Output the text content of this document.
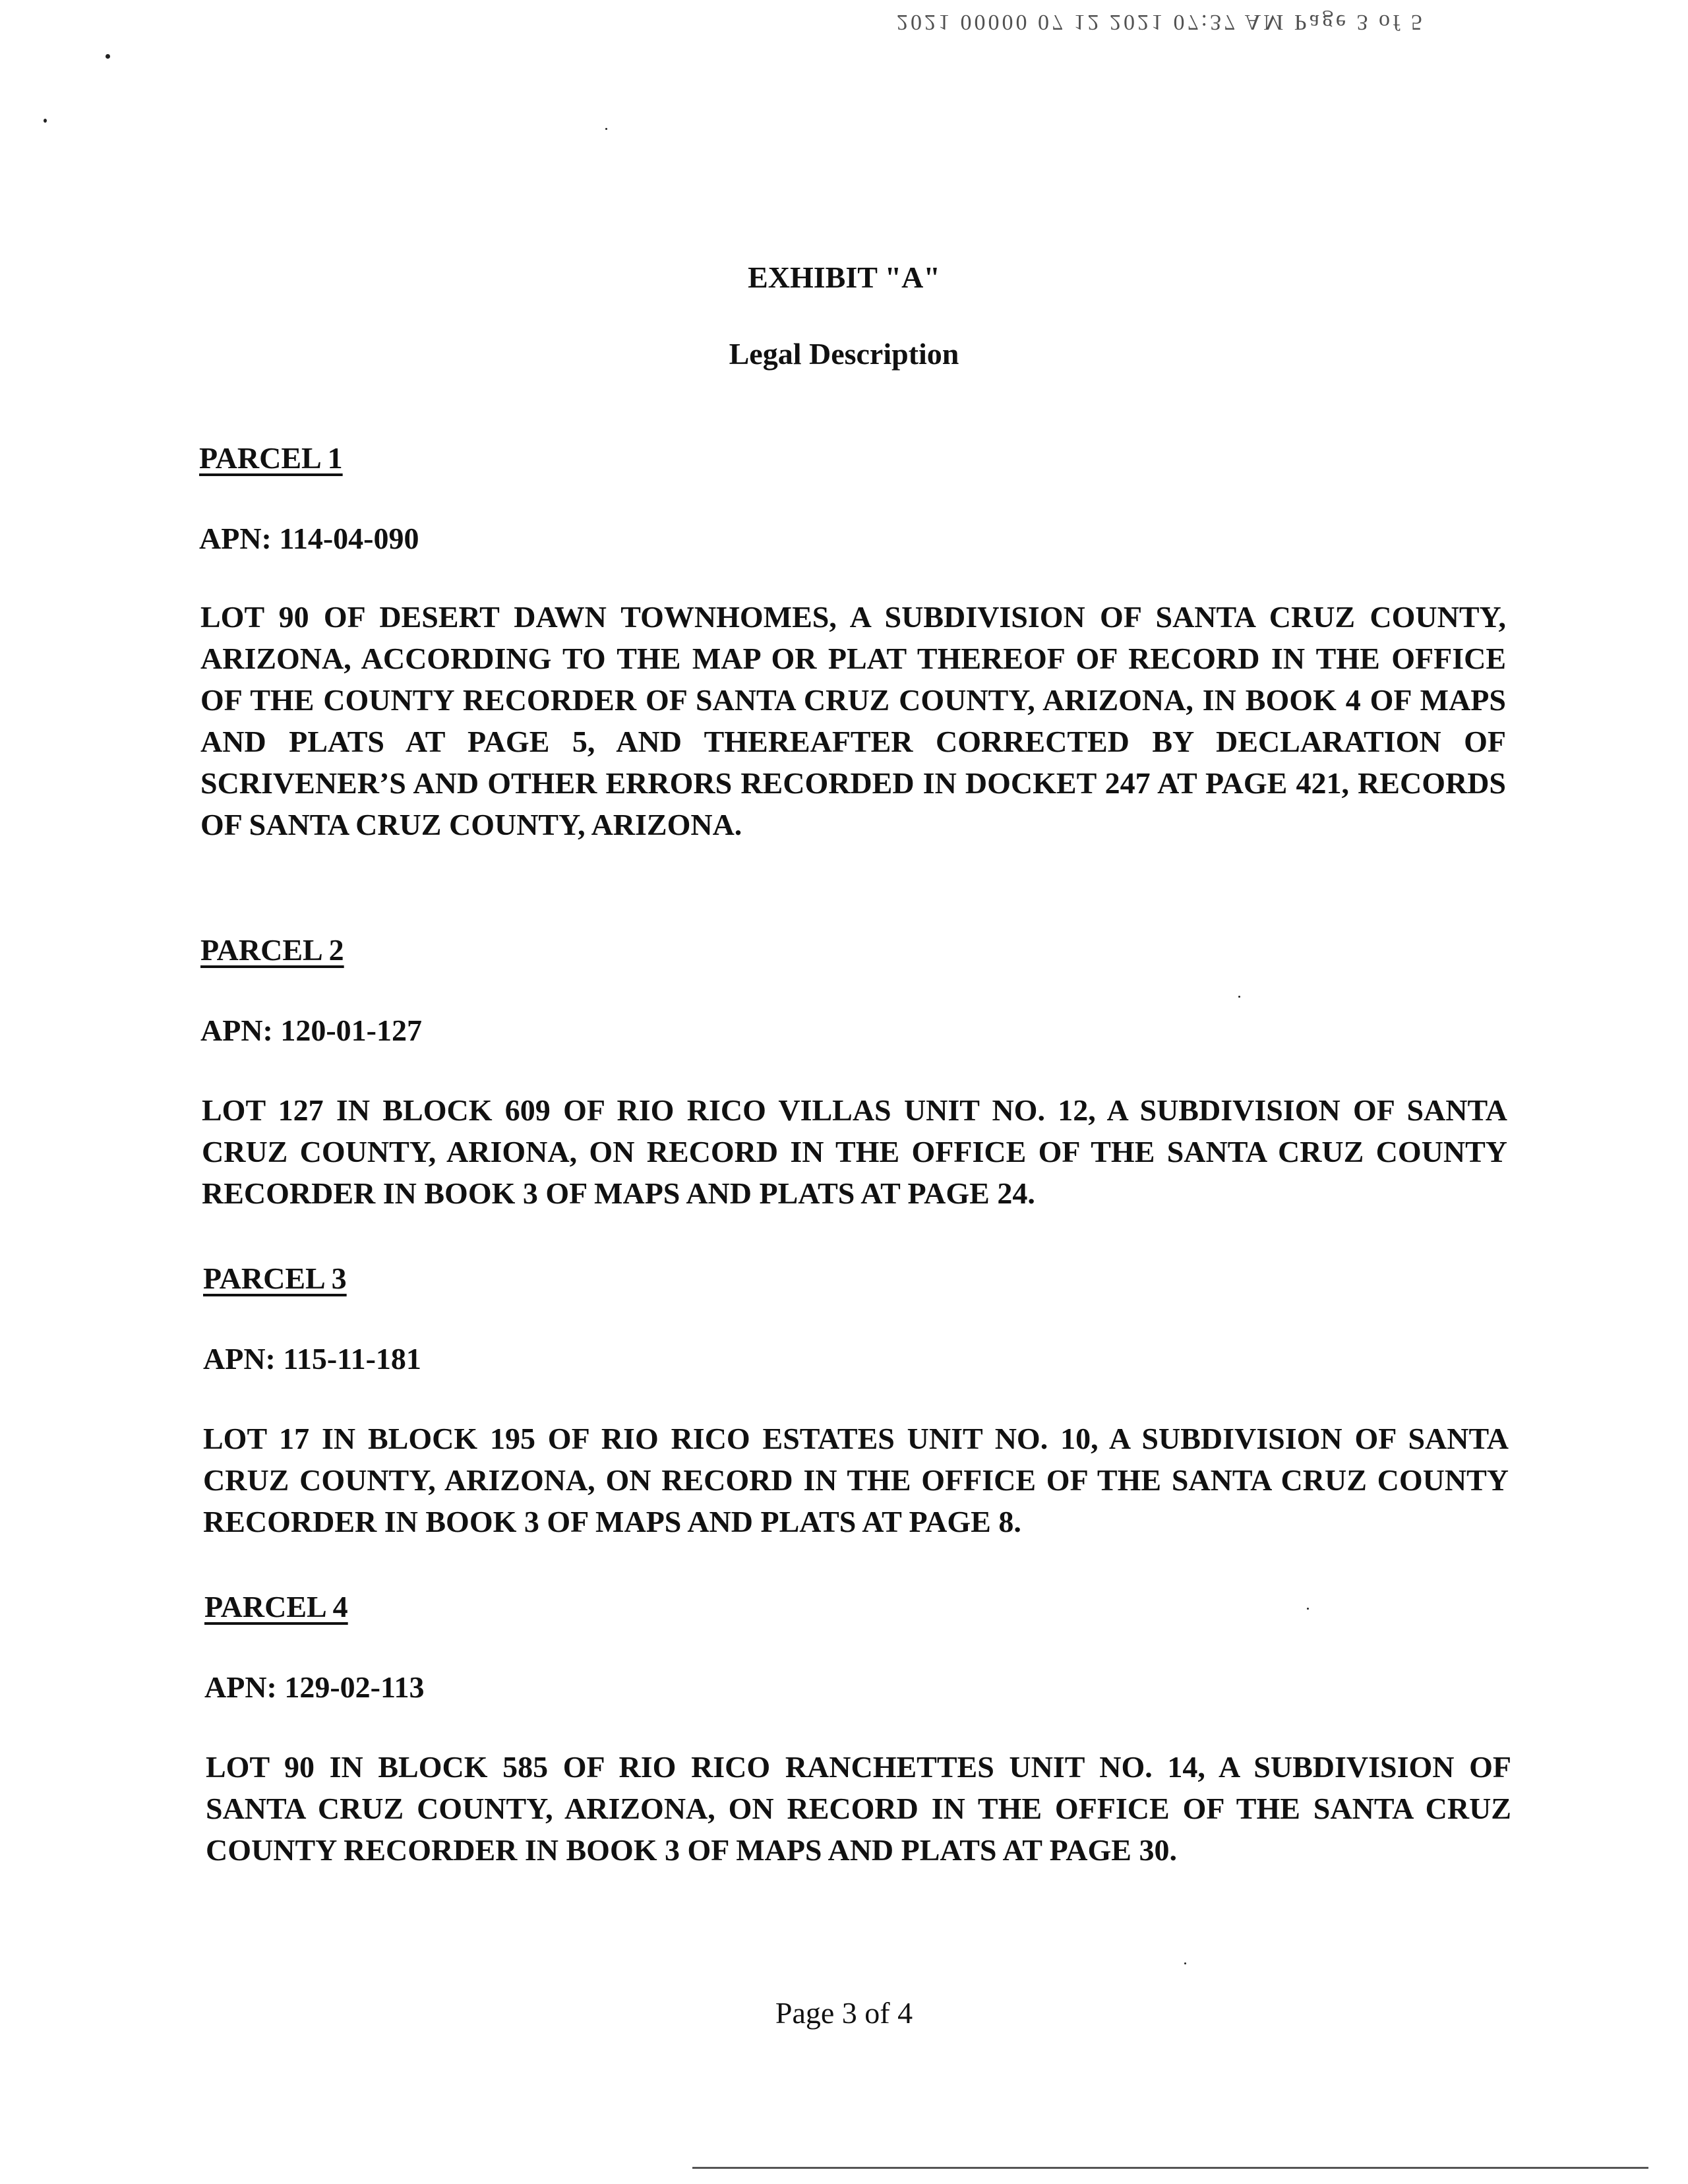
2021 00000 07 12 2021 07:37 AM Page 3 of 5
EXHIBIT "A"
Legal Description
PARCEL 1
APN: 114-04-090
LOT 90 OF DESERT DAWN TOWNHOMES, A SUBDIVISION OF SANTA CRUZ COUNTY, ARIZONA, ACCORDING TO THE MAP OR PLAT THEREOF OF RECORD IN THE OFFICE OF THE COUNTY RECORDER OF SANTA CRUZ COUNTY, ARIZONA, IN BOOK 4 OF MAPS AND PLATS AT PAGE 5, AND THEREAFTER CORRECTED BY DECLARATION OF SCRIVENER’S AND OTHER ERRORS RECORDED IN DOCKET 247 AT PAGE 421, RECORDS OF SANTA CRUZ COUNTY, ARIZONA.
PARCEL 2
APN: 120-01-127
LOT 127 IN BLOCK 609 OF RIO RICO VILLAS UNIT NO. 12, A SUBDIVISION OF SANTA CRUZ COUNTY, ARIONA, ON RECORD IN THE OFFICE OF THE SANTA CRUZ COUNTY RECORDER IN BOOK 3 OF MAPS AND PLATS AT PAGE 24.
PARCEL 3
APN: 115-11-181
LOT 17 IN BLOCK 195 OF RIO RICO ESTATES UNIT NO. 10, A SUBDIVISION OF SANTA CRUZ COUNTY, ARIZONA, ON RECORD IN THE OFFICE OF THE SANTA CRUZ COUNTY RECORDER IN BOOK 3 OF MAPS AND PLATS AT PAGE 8.
PARCEL 4
APN: 129-02-113
LOT 90 IN BLOCK 585 OF RIO RICO RANCHETTES UNIT NO. 14, A SUBDIVISION OF SANTA CRUZ COUNTY, ARIZONA, ON RECORD IN THE OFFICE OF THE SANTA CRUZ COUNTY RECORDER IN BOOK 3 OF MAPS AND PLATS AT PAGE 30.
Page 3 of 4
